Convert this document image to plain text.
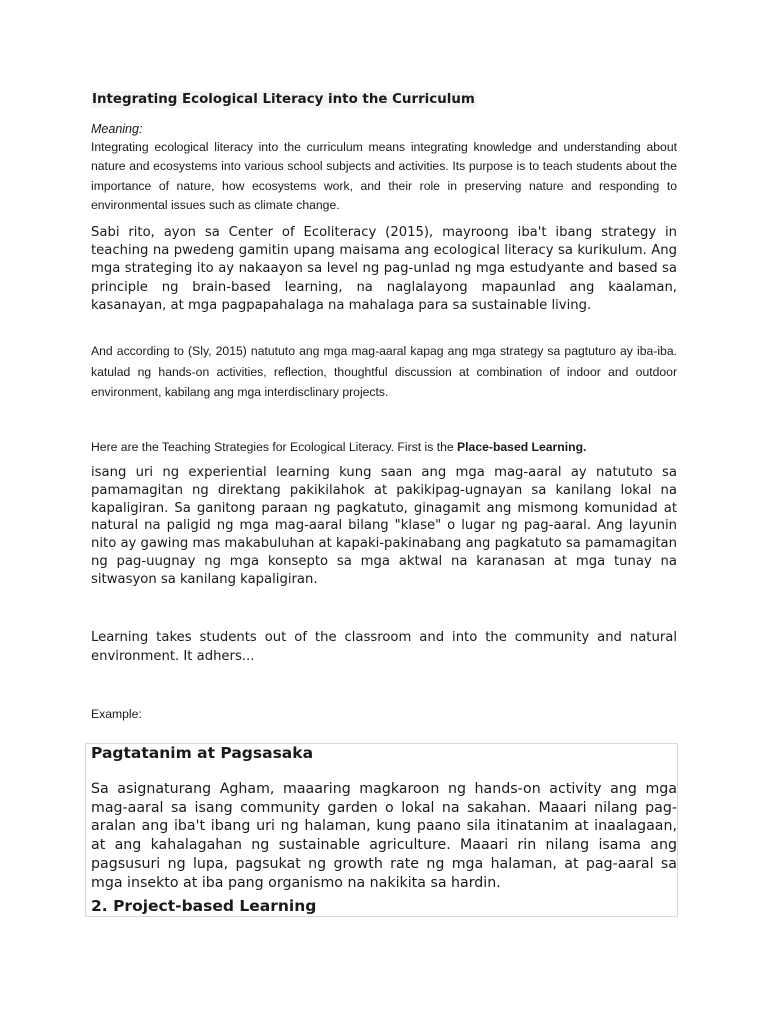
Integrating Ecological Literacy into the Curriculum
Meaning:
Integrating ecological literacy into the curriculum means integrating knowledge and understanding about nature and ecosystems into various school subjects and activities. Its purpose is to teach students about the importance of nature, how ecosystems work, and their role in preserving nature and responding to environmental issues such as climate change.
Sabi rito, ayon sa Center of Ecoliteracy (2015), mayroong iba't ibang strategy in teaching na pwedeng gamitin upang maisama ang ecological literacy sa kurikulum. Ang mga strateging ito ay nakaayon sa level ng pag-unlad ng mga estudyante and based sa principle ng brain-based learning, na naglalayong mapaunlad ang kaalaman, kasanayan, at mga pagpapahalaga na mahalaga para sa sustainable living.
And according to (Sly, 2015) natututo ang mga mag-aaral kapag ang mga strategy sa pagtuturo ay iba-iba. katulad ng hands-on activities, reflection, thoughtful discussion at combination of indoor and outdoor environment, kabilang ang mga interdisclinary projects.
Here are the Teaching Strategies for Ecological Literacy. First is the Place-based Learning.
isang uri ng experiential learning kung saan ang mga mag-aaral ay natututo sa pamamagitan ng direktang pakikilahok at pakikipag-ugnayan sa kanilang lokal na kapaligiran. Sa ganitong paraan ng pagkatuto, ginagamit ang mismong komunidad at natural na paligid ng mga mag-aaral bilang "klase" o lugar ng pag-aaral. Ang layunin nito ay gawing mas makabuluhan at kapaki-pakinabang ang pagkatuto sa pamamagitan ng pag-uugnay ng mga konsepto sa mga aktwal na karanasan at mga tunay na sitwasyon sa kanilang kapaligiran.
Learning takes students out of the classroom and into the community and natural environment. It adhers...
Example:
Pagtatanim at Pagsasaka
Sa asignaturang Agham, maaaring magkaroon ng hands-on activity ang mga mag-aaral sa isang community garden o lokal na sakahan. Maaari nilang pag-aralan ang iba't ibang uri ng halaman, kung paano sila itinatanim at inaalagaan, at ang kahalagahan ng sustainable agriculture. Maaari rin nilang isama ang pagsusuri ng lupa, pagsukat ng growth rate ng mga halaman, at pag-aaral sa mga insekto at iba pang organismo na nakikita sa hardin.
2. Project-based Learning
